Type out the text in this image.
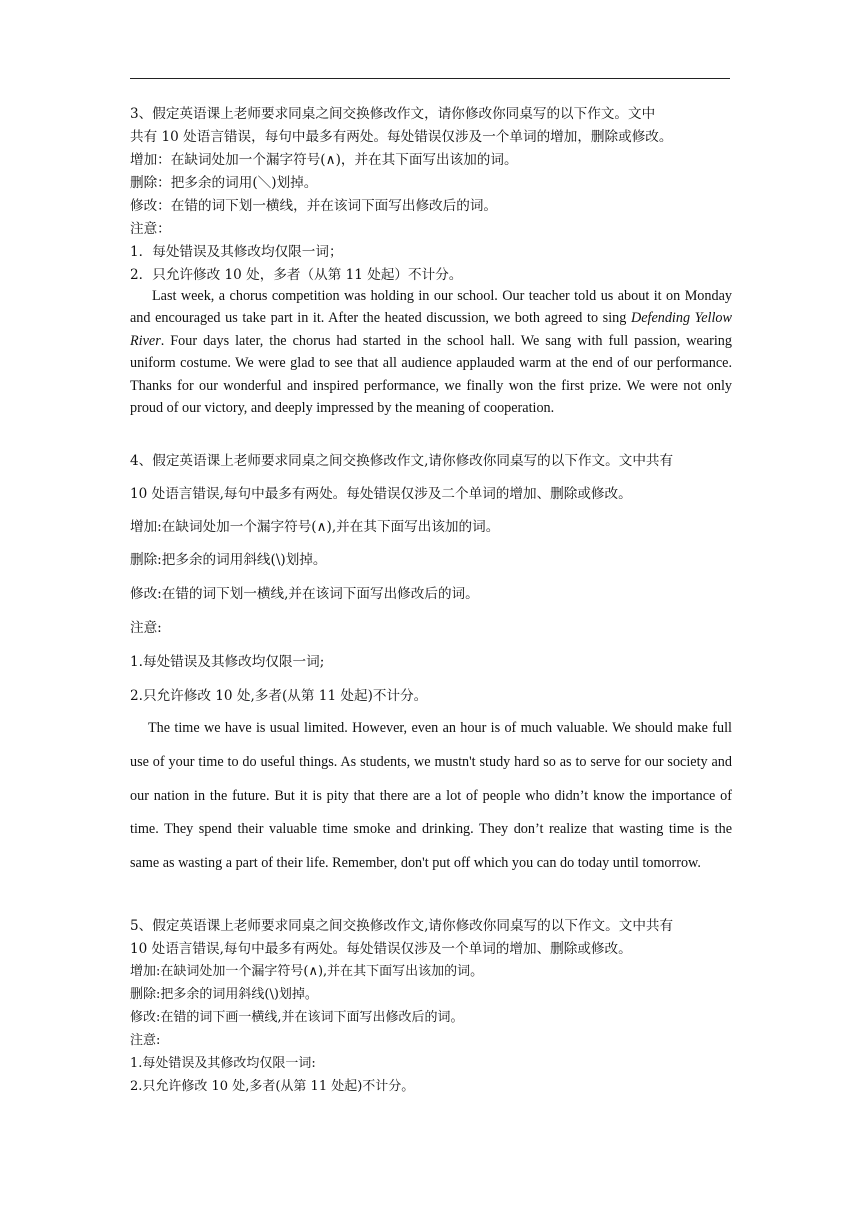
3、假定英语课上老师要求同桌之间交换修改作文，请你修改你同桌写的以下作文。文中
共有 10 处语言错误，每句中最多有两处。每处错误仅涉及一个单词的增加，删除或修改。
增加：在缺词处加一个漏字符号(∧)，并在其下面写出该加的词。
删除：把多余的词用(＼)划掉。
修改：在错的词下划一横线，并在该词下面写出修改后的词。
注意：
1．每处错误及其修改均仅限一词；
2．只允许修改 10 处，多者（从第 11 处起）不计分。
Last week, a chorus competition was holding in our school. Our teacher told us about it on Monday and encouraged us take part in it. After the heated discussion, we both agreed to sing Defending Yellow River. Four days later, the chorus had started in the school hall. We sang with full passion, wearing uniform costume. We were glad to see that all audience applauded warm at the end of our performance. Thanks for our wonderful and inspired performance, we finally won the first prize. We were not only proud of our victory, and deeply impressed by the meaning of cooperation.
4、假定英语课上老师要求同桌之间交换修改作文,请你修改你同桌写的以下作文。文中共有
10 处语言错误,每句中最多有两处。每处错误仅涉及二个单词的增加、删除或修改。
增加:在缺词处加一个漏字符号(∧),并在其下面写出该加的词。
删除:把多余的词用斜线(\)划掉。
修改:在错的词下划一横线,并在该词下面写出修改后的词。
注意:
1.每处错误及其修改均仅限一词;
2.只允许修改 10 处,多者(从第 11 处起)不计分。
The time we have is usual limited. However, even an hour is of much valuable. We should make full use of your time to do useful things. As students, we mustn't study hard so as to serve for our society and our nation in the future. But it is pity that there are a lot of people who didn’t know the importance of time. They spend their valuable time smoke and drinking. They don’t realize that wasting time is the same as wasting a part of their life. Remember, don't put off which you can do today until tomorrow.
5、假定英语课上老师要求同桌之间交换修改作文,请你修改你同桌写的以下作文。文中共有
10 处语言错误,每句中最多有两处。每处错误仅涉及一个单词的增加、删除或修改。
增加:在缺词处加一个漏字符号(∧),并在其下面写出该加的词。
删除:把多余的词用斜线(\)划掉。
修改:在错的词下画一横线,并在该词下面写出修改后的词。
注意:
1.每处错误及其修改均仅限一词:
2.只允许修改 10 处,多者(从第 11 处起)不计分。
